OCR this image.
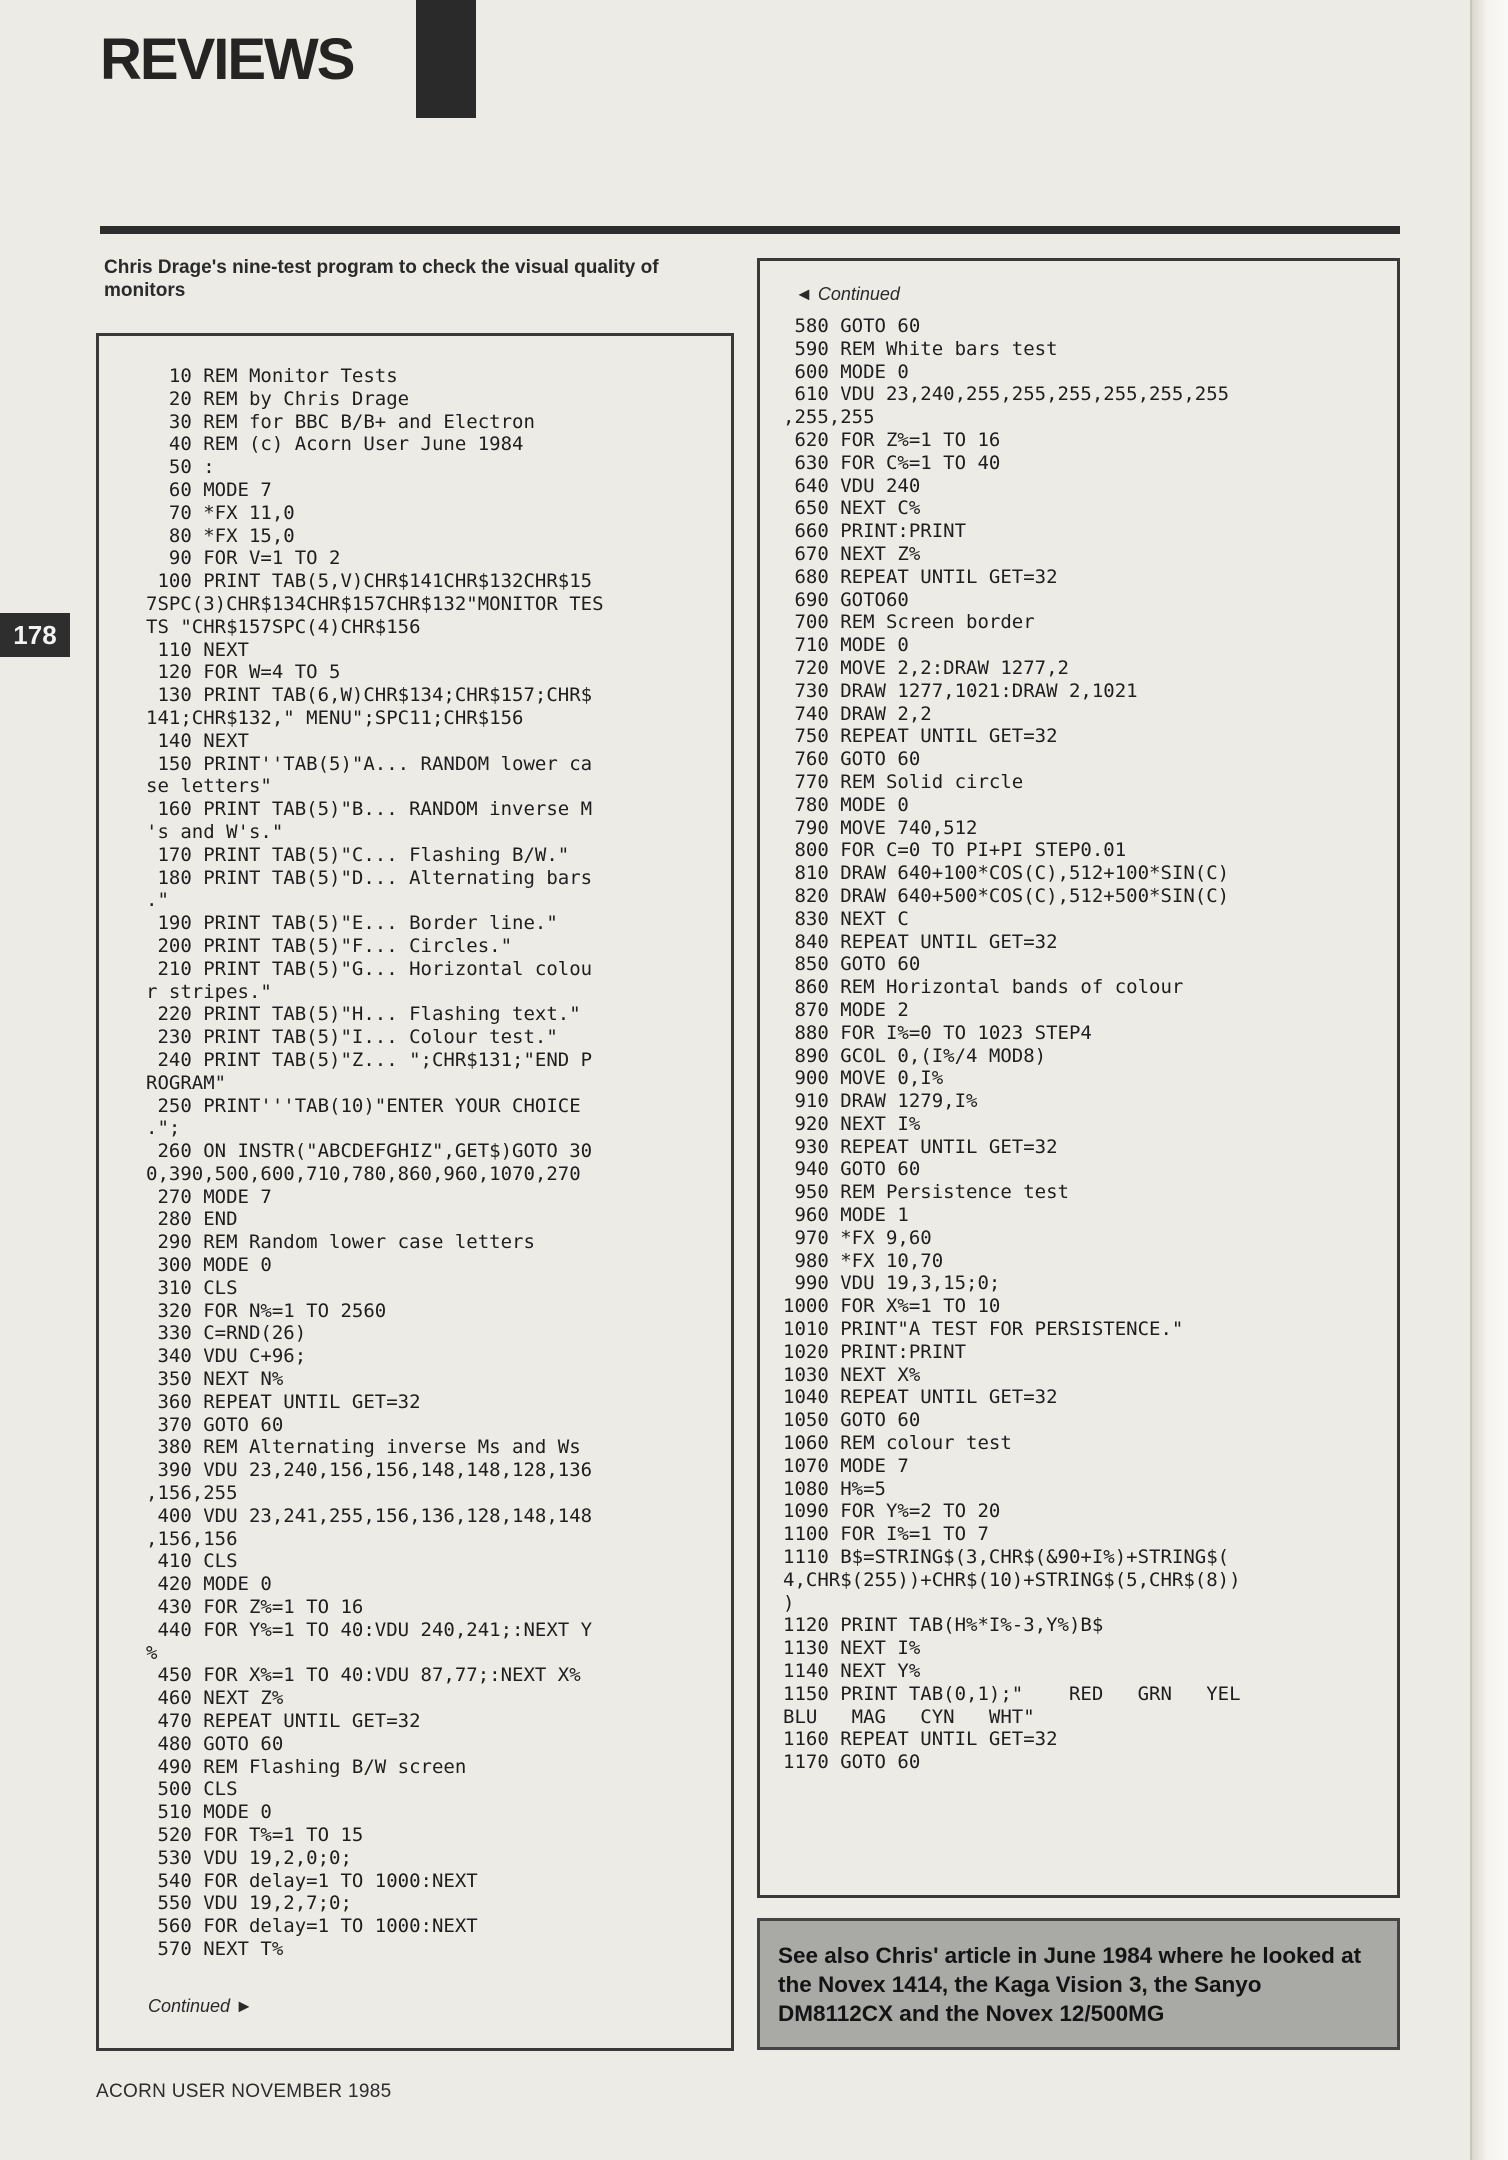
REVIEWS
178
Chris Drage's nine-test program to check the visual quality of monitors
10 REM Monitor Tests
20 REM by Chris Drage
30 REM for BBC B/B+ and Electron
40 REM (c) Acorn User June 1984
50 :
60 MODE 7
70 *FX 11,0
80 *FX 15,0
90 FOR V=1 TO 2
100 PRINT TAB(5,V)CHR$141CHR$132CHR$15
7SPC(3)CHR$134CHR$157CHR$132"MONITOR TES
TS "CHR$157SPC(4)CHR$156
110 NEXT
120 FOR W=4 TO 5
130 PRINT TAB(6,W)CHR$134;CHR$157;CHR$
141;CHR$132," MENU";SPC11;CHR$156
140 NEXT
150 PRINT''TAB(5)"A... RANDOM lower ca
se letters"
160 PRINT TAB(5)"B... RANDOM inverse M
's and W's."
170 PRINT TAB(5)"C... Flashing B/W."
180 PRINT TAB(5)"D... Alternating bars
."
190 PRINT TAB(5)"E... Border line."
200 PRINT TAB(5)"F... Circles."
210 PRINT TAB(5)"G... Horizontal colou
r stripes."
220 PRINT TAB(5)"H... Flashing text."
230 PRINT TAB(5)"I... Colour test."
240 PRINT TAB(5)"Z... ";CHR$131;"END P
ROGRAM"
250 PRINT'''TAB(10)"ENTER YOUR CHOICE
.";
260 ON INSTR("ABCDEFGHIZ",GET$)GOTO 30
0,390,500,600,710,780,860,960,1070,270
270 MODE 7
280 END
290 REM Random lower case letters
300 MODE 0
310 CLS
320 FOR N%=1 TO 2560
330 C=RND(26)
340 VDU C+96;
350 NEXT N%
360 REPEAT UNTIL GET=32
370 GOTO 60
380 REM Alternating inverse Ms and Ws
390 VDU 23,240,156,156,148,148,128,136
,156,255
400 VDU 23,241,255,156,136,128,148,148
,156,156
410 CLS
420 MODE 0
430 FOR Z%=1 TO 16
440 FOR Y%=1 TO 40:VDU 240,241;:NEXT Y
%
450 FOR X%=1 TO 40:VDU 87,77;:NEXT X%
460 NEXT Z%
470 REPEAT UNTIL GET=32
480 GOTO 60
490 REM Flashing B/W screen
500 CLS
510 MODE 0
520 FOR T%=1 TO 15
530 VDU 19,2,0;0;
540 FOR delay=1 TO 1000:NEXT
550 VDU 19,2,7;0;
560 FOR delay=1 TO 1000:NEXT
570 NEXT T%
Continued ►
◄ Continued
580 GOTO 60
590 REM White bars test
600 MODE 0
610 VDU 23,240,255,255,255,255,255,255
,255,255
620 FOR Z%=1 TO 16
630 FOR C%=1 TO 40
640 VDU 240
650 NEXT C%
660 PRINT:PRINT
670 NEXT Z%
680 REPEAT UNTIL GET=32
690 GOTO60
700 REM Screen border
710 MODE 0
720 MOVE 2,2:DRAW 1277,2
730 DRAW 1277,1021:DRAW 2,1021
740 DRAW 2,2
750 REPEAT UNTIL GET=32
760 GOTO 60
770 REM Solid circle
780 MODE 0
790 MOVE 740,512
800 FOR C=0 TO PI+PI STEP0.01
810 DRAW 640+100*COS(C),512+100*SIN(C)
820 DRAW 640+500*COS(C),512+500*SIN(C)
830 NEXT C
840 REPEAT UNTIL GET=32
850 GOTO 60
860 REM Horizontal bands of colour
870 MODE 2
880 FOR I%=0 TO 1023 STEP4
890 GCOL 0,(I%/4 MOD8)
900 MOVE 0,I%
910 DRAW 1279,I%
920 NEXT I%
930 REPEAT UNTIL GET=32
940 GOTO 60
950 REM Persistence test
960 MODE 1
970 *FX 9,60
980 *FX 10,70
990 VDU 19,3,15;0;
1000 FOR X%=1 TO 10
1010 PRINT"A TEST FOR PERSISTENCE."
1020 PRINT:PRINT
1030 NEXT X%
1040 REPEAT UNTIL GET=32
1050 GOTO 60
1060 REM colour test
1070 MODE 7
1080 H%=5
1090 FOR Y%=2 TO 20
1100 FOR I%=1 TO 7
1110 B$=STRING$(3,CHR$(&90+I%)+STRING$(
4,CHR$(255))+CHR$(10)+STRING$(5,CHR$(8))
)
1120 PRINT TAB(H%*I%-3,Y%)B$
1130 NEXT I%
1140 NEXT Y%
1150 PRINT TAB(0,1);"    RED   GRN   YEL
BLU   MAG   CYN   WHT"
1160 REPEAT UNTIL GET=32
1170 GOTO 60
See also Chris' article in June 1984 where he looked at the Novex 1414, the Kaga Vision 3, the Sanyo DM8112CX and the Novex 12/500MG
ACORN USER NOVEMBER 1985
